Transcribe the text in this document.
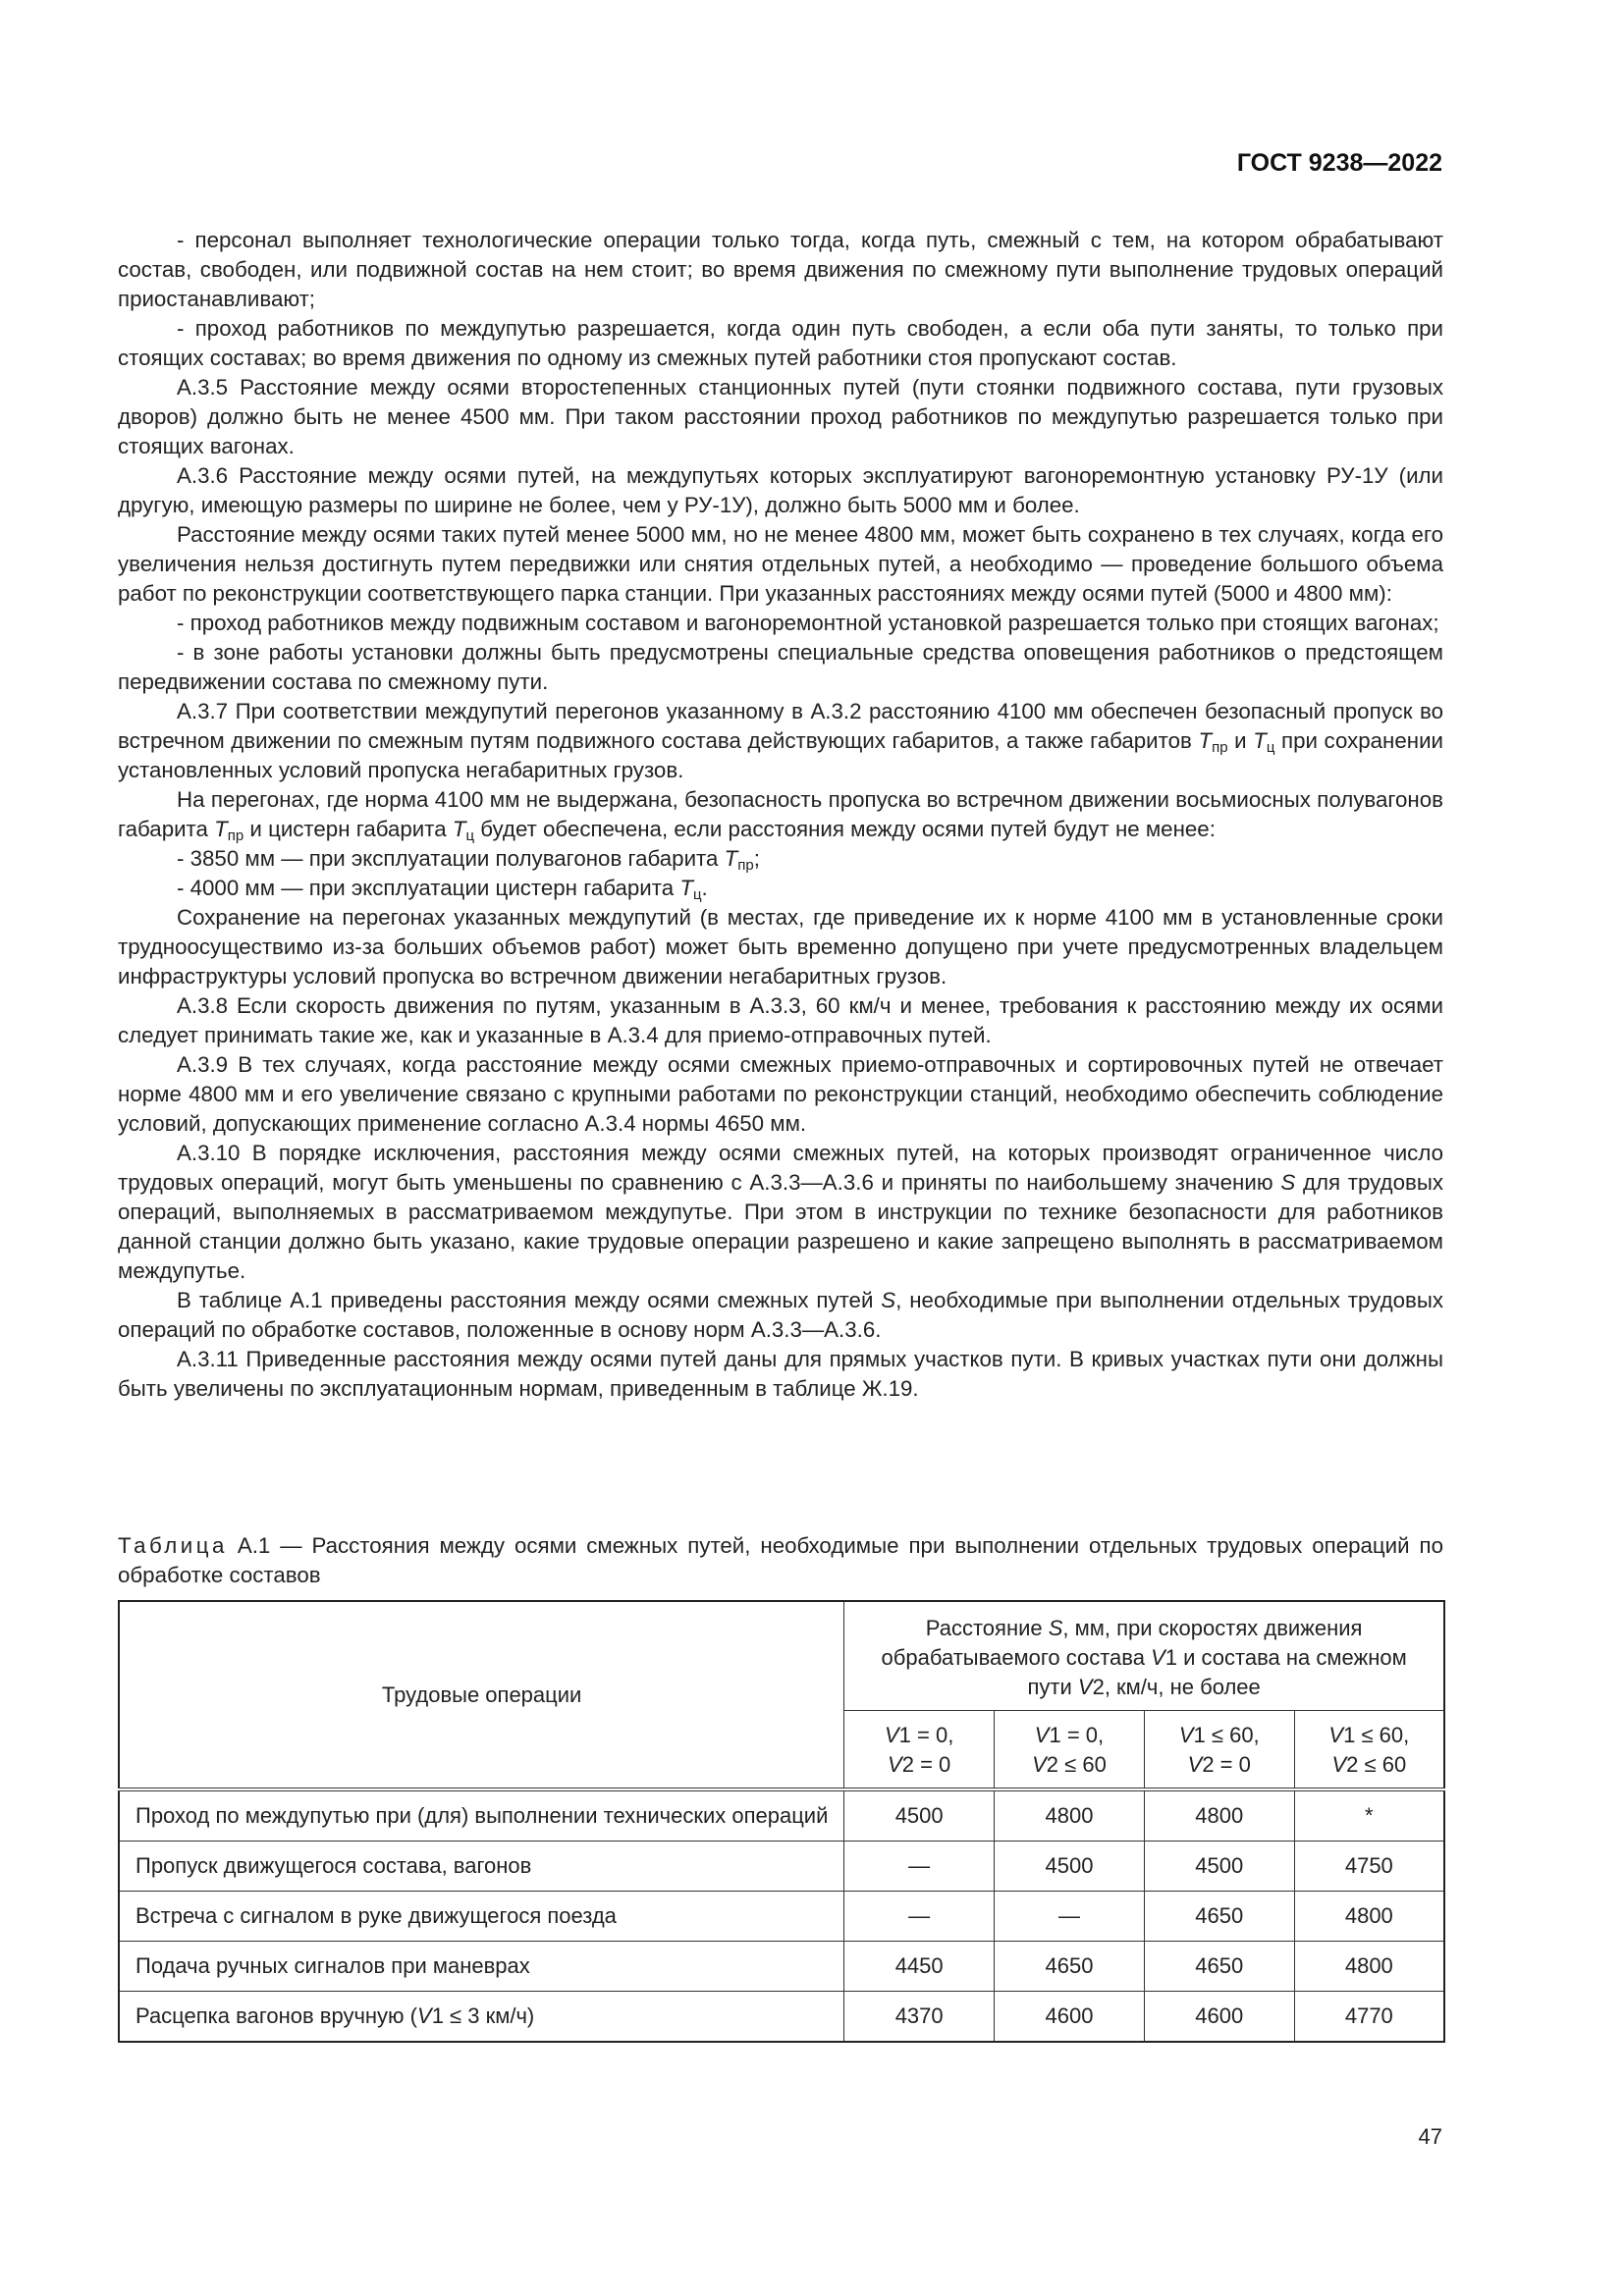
ГОСТ 9238—2022

- персонал выполняет технологические операции только тогда, когда путь, смежный с тем, на котором обрабатывают состав, свободен, или подвижной состав на нем стоит; во время движения по смежному пути выполнение трудовых операций приостанавливают;

- проход работников по междупутью разрешается, когда один путь свободен, а если оба пути заняты, то только при стоящих составах; во время движения по одному из смежных путей работники стоя пропускают состав.

А.3.5 Расстояние между осями второстепенных станционных путей (пути стоянки подвижного состава, пути грузовых дворов) должно быть не менее 4500 мм. При таком расстоянии проход работников по междупутью разрешается только при стоящих вагонах.

А.3.6 Расстояние между осями путей, на междупутьях которых эксплуатируют вагоноремонтную установку РУ-1У (или другую, имеющую размеры по ширине не более, чем у РУ-1У), должно быть 5000 мм и более.

Расстояние между осями таких путей менее 5000 мм, но не менее 4800 мм, может быть сохранено в тех случаях, когда его увеличения нельзя достигнуть путем передвижки или снятия отдельных путей, а необходимо — проведение большого объема работ по реконструкции соответствующего парка станции. При указанных расстояниях между осями путей (5000 и 4800 мм):

- проход работников между подвижным составом и вагоноремонтной установкой разрешается только при стоящих вагонах;

- в зоне работы установки должны быть предусмотрены специальные средства оповещения работников о предстоящем передвижении состава по смежному пути.

А.3.7 При соответствии междупутий перегонов указанному в А.3.2 расстоянию 4100 мм обеспечен безопасный пропуск во встречном движении по смежным путям подвижного состава действующих габаритов, а также габаритов $T_{пр}$ и $T_ц$ при сохранении установленных условий пропуска негабаритных грузов.

На перегонах, где норма 4100 мм не выдержана, безопасность пропуска во встречном движении восьмиосных полувагонов габарита $T_{пр}$ и цистерн габарита $T_ц$ будет обеспечена, если расстояния между осями путей будут не менее:

- 3850 мм — при эксплуатации полувагонов габарита $T_{пр}$;

- 4000 мм — при эксплуатации цистерн габарита $T_ц$.

Сохранение на перегонах указанных междупутий (в местах, где приведение их к норме 4100 мм в установленные сроки трудноосуществимо из-за больших объемов работ) может быть временно допущено при учете предусмотренных владельцем инфраструктуры условий пропуска во встречном движении негабаритных грузов.

А.3.8 Если скорость движения по путям, указанным в А.3.3, 60 км/ч и менее, требования к расстоянию между их осями следует принимать такие же, как и указанные в А.3.4 для приемо-отправочных путей.

А.3.9 В тех случаях, когда расстояние между осями смежных приемо-отправочных и сортировочных путей не отвечает норме 4800 мм и его увеличение связано с крупными работами по реконструкции станций, необходимо обеспечить соблюдение условий, допускающих применение согласно А.3.4 нормы 4650 мм.

А.3.10 В порядке исключения, расстояния между осями смежных путей, на которых производят ограниченное число трудовых операций, могут быть уменьшены по сравнению с А.3.3—А.3.6 и приняты по наибольшему значению S для трудовых операций, выполняемых в рассматриваемом междупутье. При этом в инструкции по технике безопасности для работников данной станции должно быть указано, какие трудовые операции разрешено и какие запрещено выполнять в рассматриваемом междупутье.

В таблице А.1 приведены расстояния между осями смежных путей S, необходимые при выполнении отдельных трудовых операций по обработке составов, положенные в основу норм А.3.3—А.3.6.

А.3.11 Приведенные расстояния между осями путей даны для прямых участков пути. В кривых участках пути они должны быть увеличены по эксплуатационным нормам, приведенным в таблице Ж.19.

Таблица А.1 — Расстояния между осями смежных путей, необходимые при выполнении отдельных трудовых операций по обработке составов
Трудовые операции	Расстояние S, мм, при скоростях движения обрабатываемого состава V1 и состава на смежном пути V2, км/ч, не более			
	V1 = 0,
V2 = 0	V1 = 0,
V2 ≤ 60	V1 ≤ 60,
V2 = 0	V1 ≤ 60,
V2 ≤ 60
Проход по междупутью при (для) выполнении технических операций	4500	4800	4800	*
Пропуск движущегося состава, вагонов	—	4500	4500	4750
Встреча с сигналом в руке движущегося поезда	—	—	4650	4800
Подача ручных сигналов при маневрах	4450	4650	4650	4800
Расцепка вагонов вручную (V1 ≤ 3 км/ч)	4370	4600	4600	4770
47
